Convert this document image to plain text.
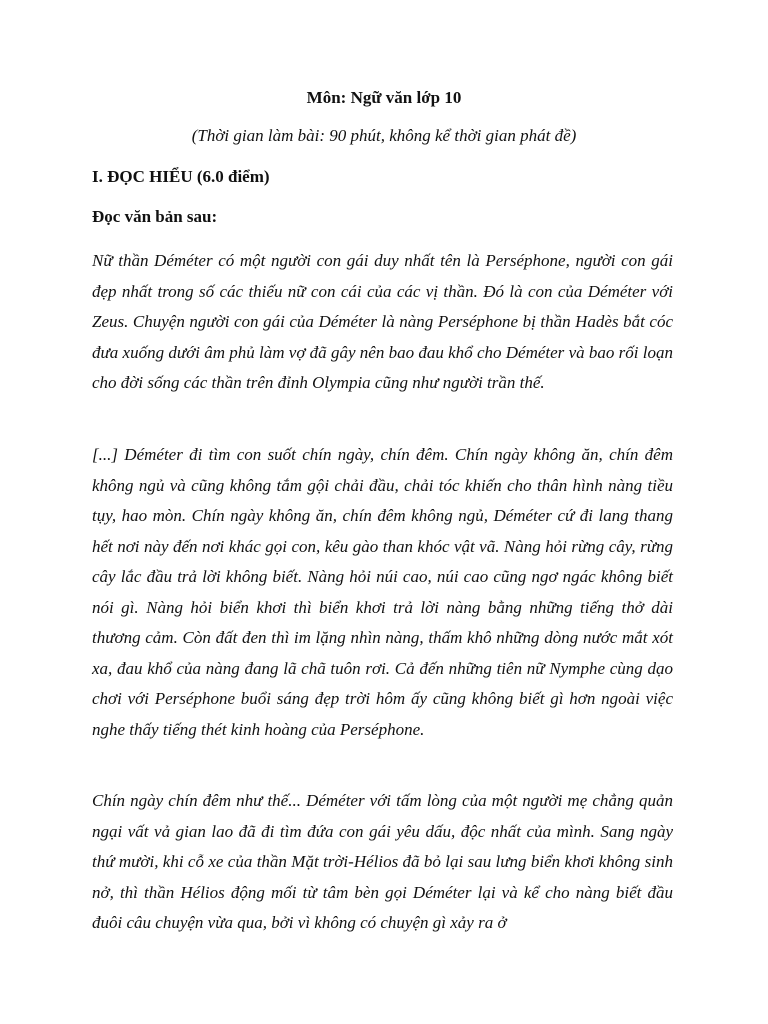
Môn: Ngữ văn lớp 10
(Thời gian làm bài: 90 phút, không kể thời gian phát đề)
I. ĐỌC HIỂU (6.0 điểm)
Đọc văn bản sau:

Nữ thần Déméter có một người con gái duy nhất tên là Perséphone, người con gái đẹp nhất trong số các thiếu nữ con cái của các vị thần. Đó là con của Déméter với Zeus. Chuyện người con gái của Déméter là nàng Perséphone bị thần Hadès bắt cóc đưa xuống dưới âm phủ làm vợ đã gây nên bao đau khổ cho Déméter và bao rối loạn cho đời sống các thần trên đỉnh Olympia cũng như người trần thế.

[...] Déméter đi tìm con suốt chín ngày, chín đêm. Chín ngày không ăn, chín đêm không ngủ và cũng không tắm gội chải đầu, chải tóc khiến cho thân hình nàng tiều tụy, hao mòn. Chín ngày không ăn, chín đêm không ngủ, Déméter cứ đi lang thang hết nơi này đến nơi khác gọi con, kêu gào than khóc vật vã. Nàng hỏi rừng cây, rừng cây lắc đầu trả lời không biết. Nàng hỏi núi cao, núi cao cũng ngơ ngác không biết nói gì. Nàng hỏi biển khơi thì biển khơi trả lời nàng bằng những tiếng thở dài thương cảm. Còn đất đen thì im lặng nhìn nàng, thấm khô những dòng nước mắt xót xa, đau khổ của nàng đang lã chã tuôn rơi. Cả đến những tiên nữ Nymphe cùng dạo chơi với Perséphone buổi sáng đẹp trời hôm ấy cũng không biết gì hơn ngoài việc nghe thấy tiếng thét kinh hoàng của Perséphone.

Chín ngày chín đêm như thế... Déméter với tấm lòng của một người mẹ chẳng quản ngại vất vả gian lao đã đi tìm đứa con gái yêu dấu, độc nhất của mình. Sang ngày thứ mười, khi cỗ xe của thần Mặt trời-Hélios đã bỏ lại sau lưng biển khơi không sinh nở, thì thần Hélios động mối từ tâm bèn gọi Déméter lại và kể cho nàng biết đầu đuôi câu chuyện vừa qua, bởi vì không có chuyện gì xảy ra ở
